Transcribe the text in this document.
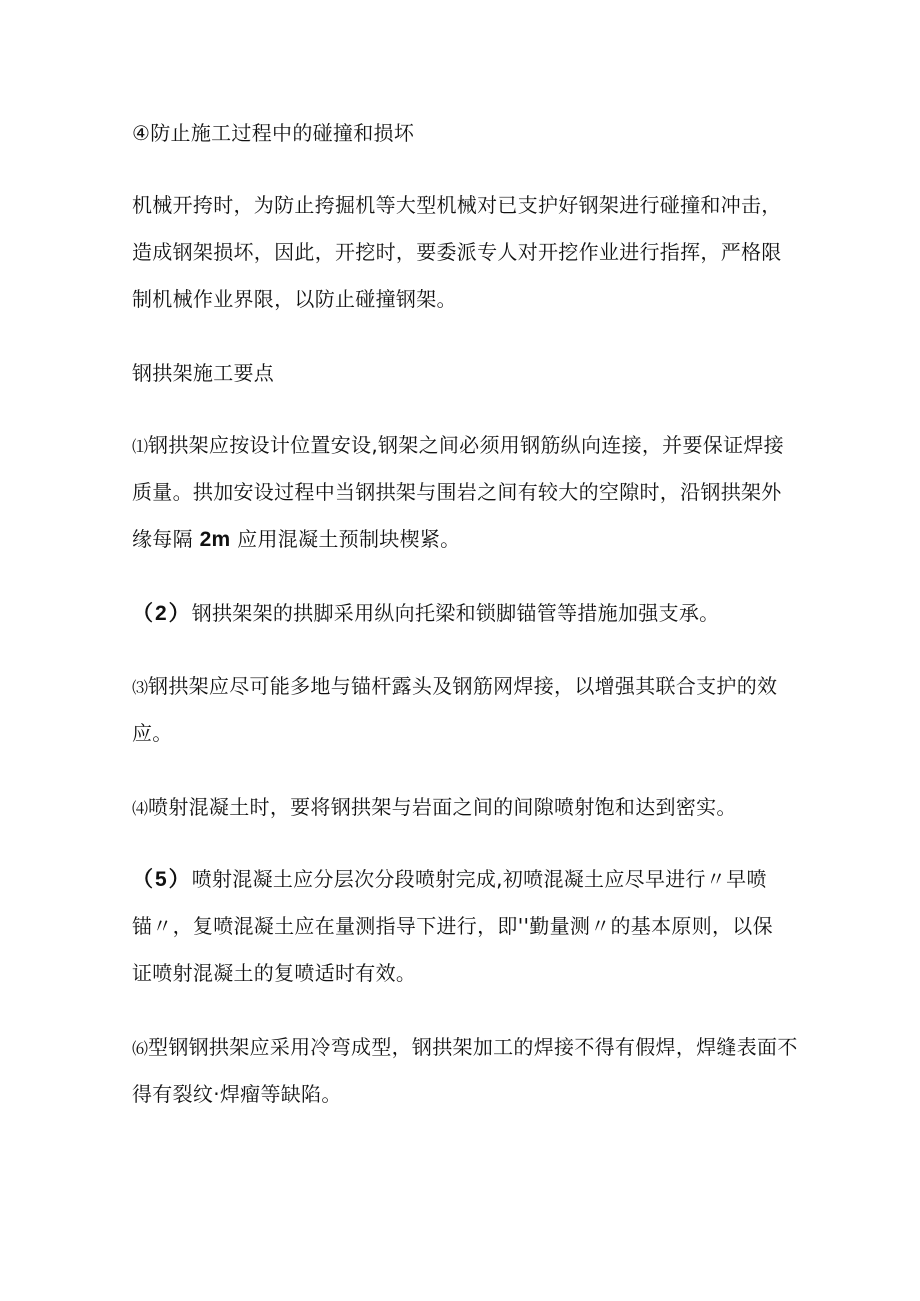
④防止施工过程中的碰撞和损坏
机械开挎时，为防止挎掘机等大型机械对已支护好钢架进行碰撞和冲击，
造成钢架损坏，因此，开挖时，要委派专人对开挖作业进行指挥，严格限
制机械作业界限，以防止碰撞钢架。
钢拱架施工要点
⑴钢拱架应按设计位置安设,钢架之间必须用钢筋纵向连接，并要保证焊接
质量。拱加安设过程中当钢拱架与围岩之间有较大的空隙时，沿钢拱架外
缘每隔 2m 应用混凝土预制块楔紧。
（2）钢拱架架的拱脚采用纵向托梁和锁脚锚管等措施加强支承。
⑶钢拱架应尽可能多地与锚杆露头及钢筋网焊接，以增强其联合支护的效
应。
⑷喷射混凝土时，要将钢拱架与岩面之间的间隙喷射饱和达到密实。
（5）喷射混凝土应分层次分段喷射完成,初喷混凝土应尽早进行〃早喷
锚〃，复喷混凝土应在量测指导下进行，即''勤量测〃的基本原则，以保
证喷射混凝土的复喷适时有效。
⑹型钢钢拱架应采用冷弯成型，钢拱架加工的焊接不得有假焊，焊缝表面不
得有裂纹·焊瘤等缺陷。
